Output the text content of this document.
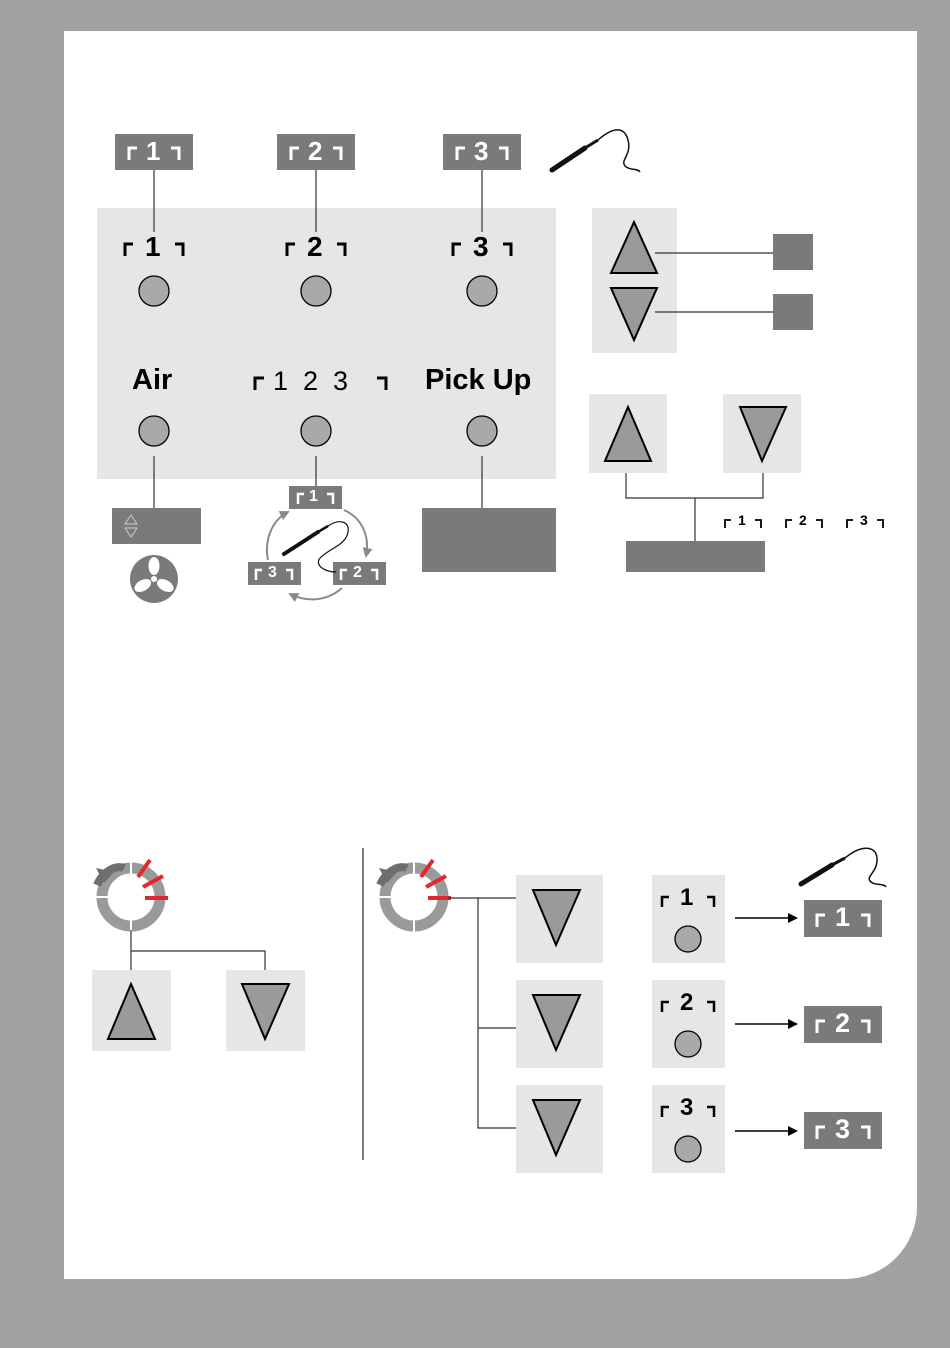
1	2	3
1	2	3
Air	1  2  3	Pick Up
1
3	2
1	2	3
1
2
3
1
2
3
